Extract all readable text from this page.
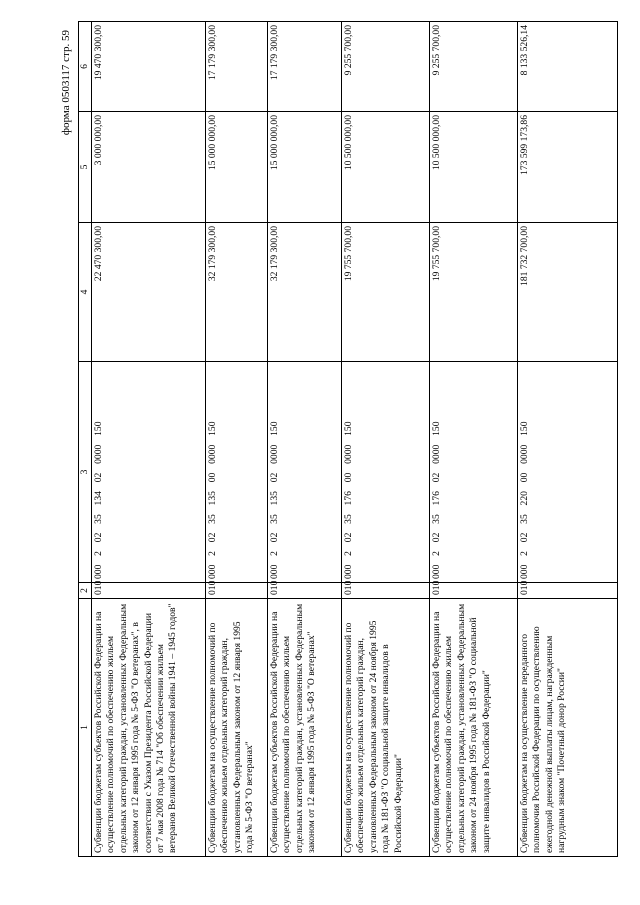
форма 0503117 стр. 59
1	2	3	4	5	6
Субвенции бюджетам субъектов Российской Федерации на осуществление полномочий по обеспечению жильем отдельных категорий граждан, установленных Федеральным законом от 12 января 1995 года № 5-ФЗ "О ветеранах", в соответствии с Указом Президента Российской Федерации от 7 мая 2008 года № 714 "Об обеспечении жильем ветеранов Великой Отечественной войны 1941 – 1945 годов"	010	000  2  02  35  134  02  0000  150	22 470 300,00	3 000 000,00	19 470 300,00
Субвенции бюджетам на осуществление полномочий по обеспечению жильем отдельных категорий граждан, установленных Федеральным законом от 12 января 1995 года № 5-ФЗ "О ветеранах"	010	000  2  02  35  135  00  0000  150	32 179 300,00	15 000 000,00	17 179 300,00
Субвенции бюджетам субъектов Российской Федерации на осуществление полномочий по обеспечению жильем отдельных категорий граждан, установленных Федеральным законом от 12 января 1995 года № 5-ФЗ "О ветеранах"	010	000  2  02  35  135  02  0000  150	32 179 300,00	15 000 000,00	17 179 300,00
Субвенции бюджетам на осуществление полномочий по обеспечению жильем отдельных категорий граждан, установленных Федеральным законом от 24 ноября 1995 года № 181-ФЗ "О социальной защите инвалидов в Российской Федерации"	010	000  2  02  35  176  00  0000  150	19 755 700,00	10 500 000,00	9 255 700,00
Субвенции бюджетам субъектов Российской Федерации на осуществление полномочий по обеспечению жильем отдельных категорий граждан, установленных Федеральным законом от 24 ноября 1995 года № 181-ФЗ "О социальной защите инвалидов в Российской Федерации"	010	000  2  02  35  176  02  0000  150	19 755 700,00	10 500 000,00	9 255 700,00
Субвенции бюджетам на осуществление переданного полномочия Российской Федерации по осуществлению ежегодной денежной выплаты лицам, награжденным нагрудным знаком "Почетный донор России"	010	000  2  02  35  220  00  0000  150	181 732 700,00	173 599 173,86	8 133 526,14
